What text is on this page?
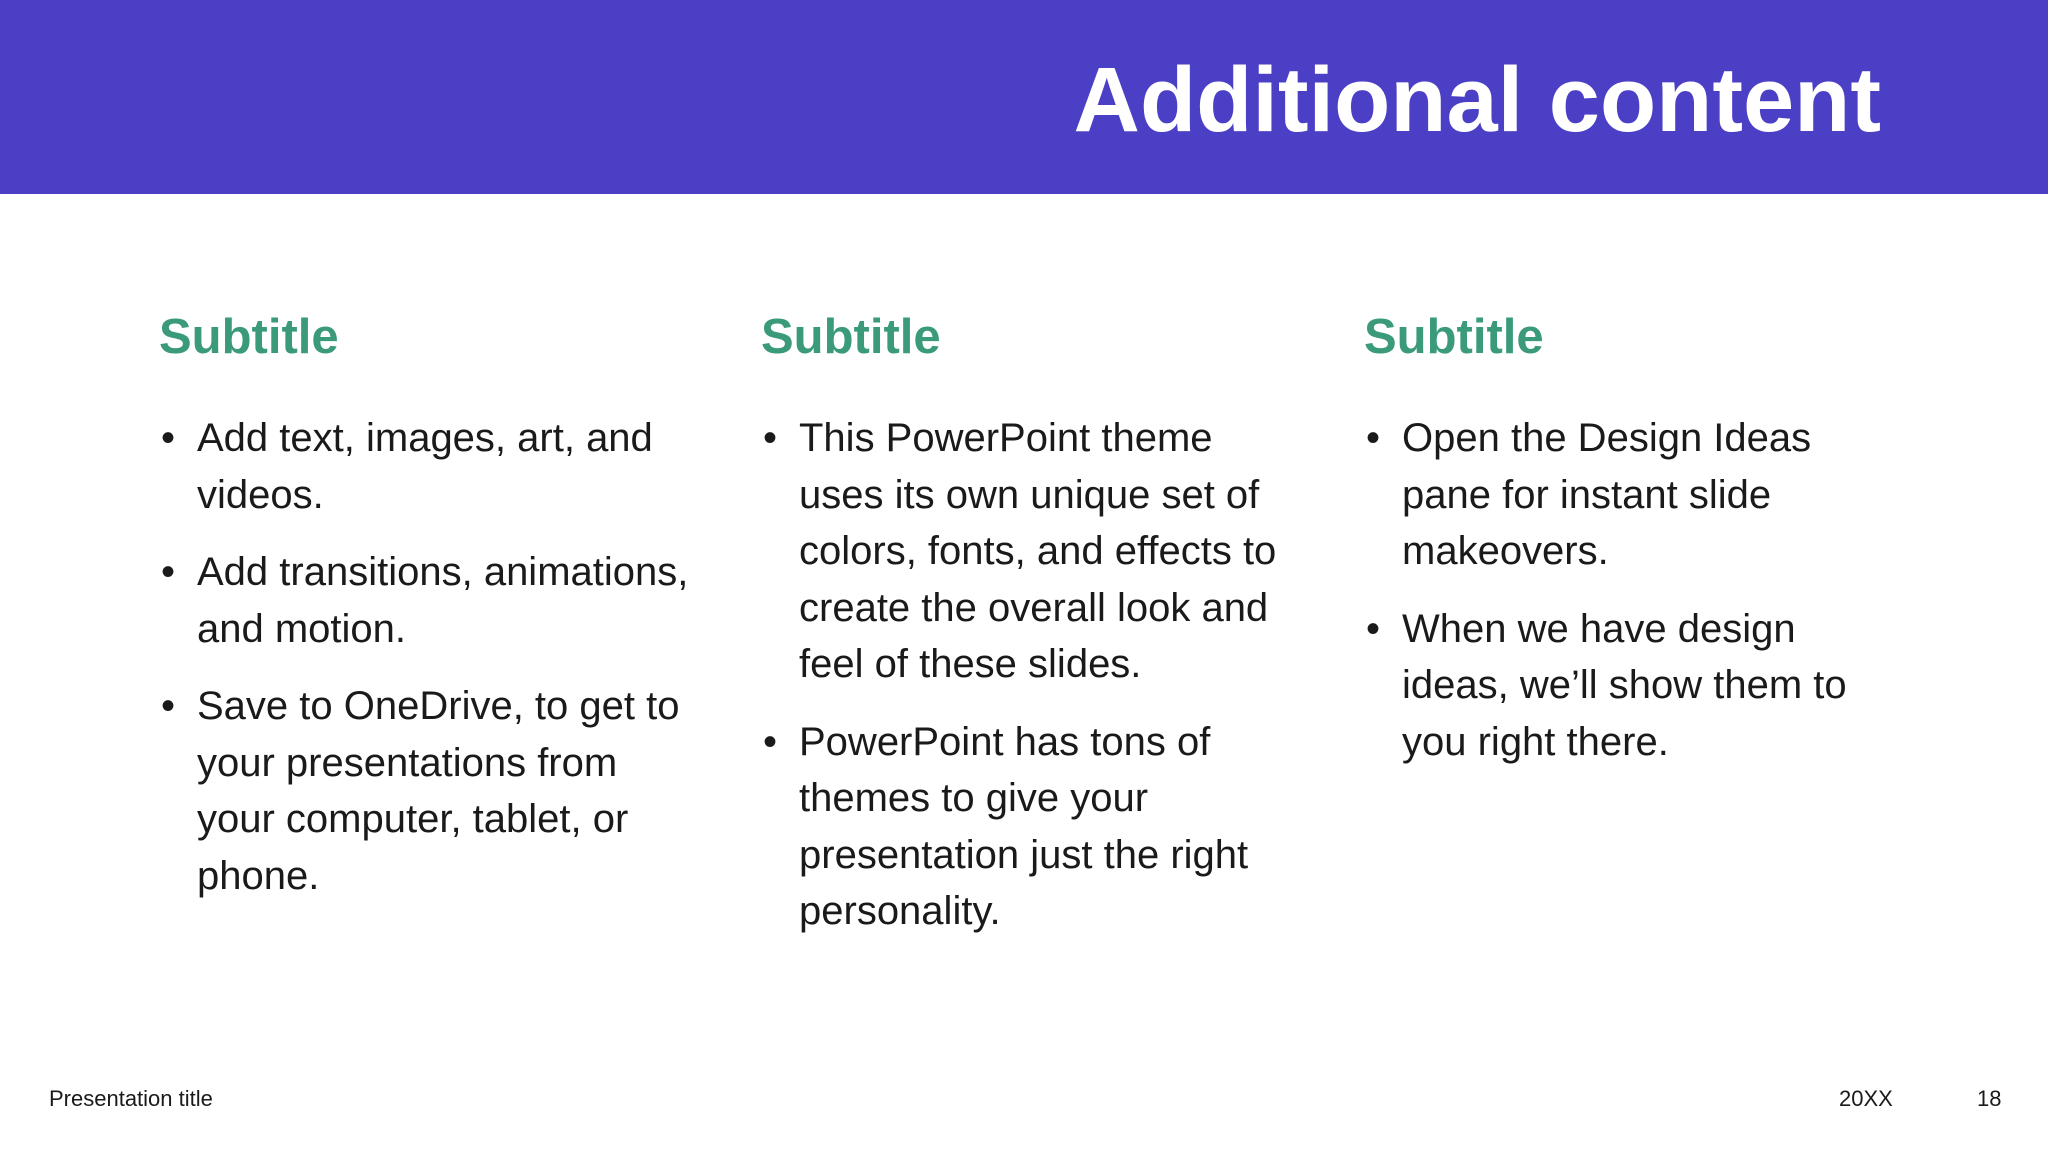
Additional content
Subtitle
• Add text, images, art, and videos.
• Add transitions, animations, and motion.
• Save to OneDrive, to get to your presentations from your computer, tablet, or phone.
Subtitle
• This PowerPoint theme uses its own unique set of colors, fonts, and effects to create the overall look and feel of these slides.
• PowerPoint has tons of themes to give your presentation just the right personality.
Subtitle
• Open the Design Ideas pane for instant slide makeovers.
• When we have design ideas, we’ll show them to you right there.
Presentation title	20XX	18
